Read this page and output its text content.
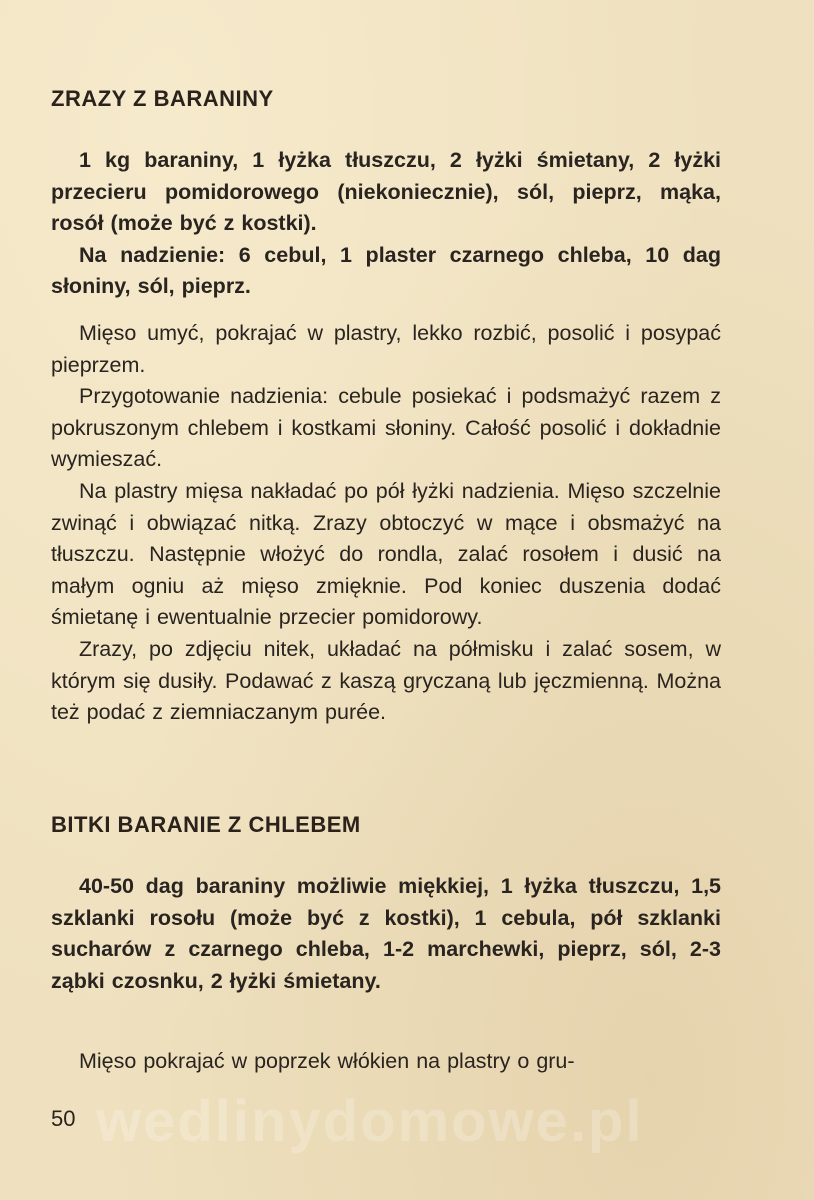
ZRAZY Z BARANINY

1 kg baraniny, 1 łyżka tłuszczu, 2 łyżki śmietany, 2 łyżki przecieru pomidorowego (niekoniecznie), sól, pieprz, mąka, rosół (może być z kostki).

Na nadzienie: 6 cebul, 1 plaster czarnego chleba, 10 dag słoniny, sól, pieprz.

Mięso umyć, pokrajać w plastry, lekko rozbić, posolić i posypać pieprzem.

Przygotowanie nadzienia: cebule posiekać i podsmażyć razem z pokruszonym chlebem i kostkami słoniny. Całość posolić i dokładnie wymieszać.

Na plastry mięsa nakładać po pół łyżki nadzienia. Mięso szczelnie zwinąć i obwiązać nitką. Zrazy obtoczyć w mące i obsmażyć na tłuszczu. Następnie włożyć do rondla, zalać rosołem i dusić na małym ogniu aż mięso zmięknie. Pod koniec duszenia dodać śmietanę i ewentualnie przecier pomidorowy.

Zrazy, po zdjęciu nitek, układać na półmisku i zalać sosem, w którym się dusiły. Podawać z kaszą gryczaną lub jęczmienną. Można też podać z ziemniaczanym purée.

BITKI BARANIE Z CHLEBEM

40-50 dag baraniny możliwie miękkiej, 1 łyżka tłuszczu, 1,5 szklanki rosołu (może być z kostki), 1 cebula, pół szklanki sucharów z czarnego chleba, 1-2 marchewki, pieprz, sól, 2-3 ząbki czosnku, 2 łyżki śmietany.

Mięso pokrajać w poprzek włókien na plastry o gru-

wedlinydomowe.pl
50
